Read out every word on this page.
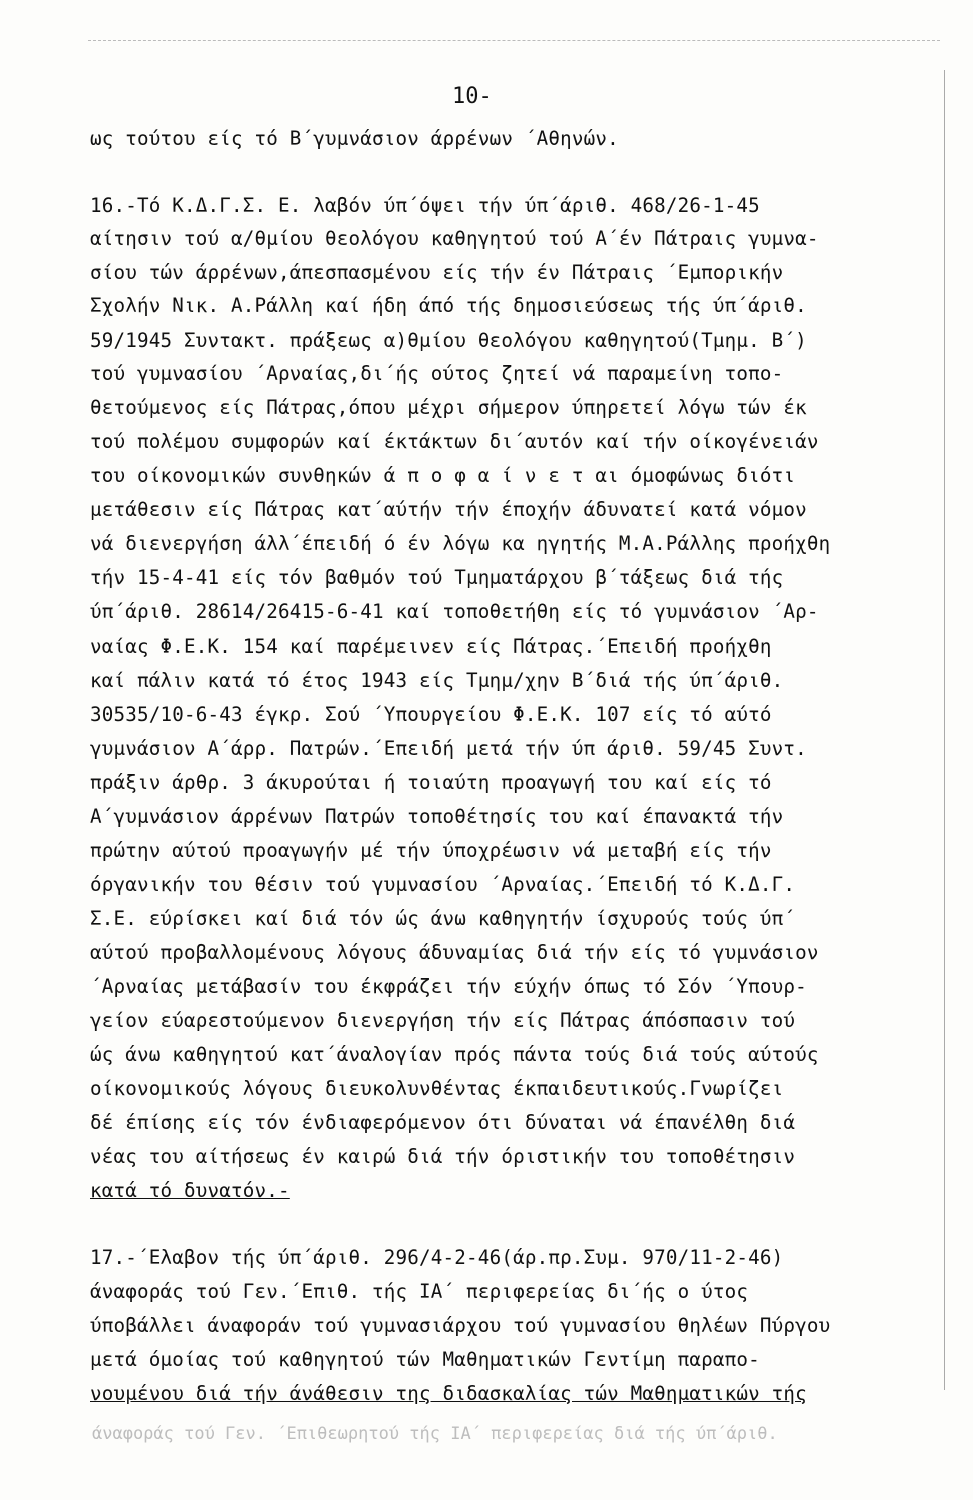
10-
ως τούτου είς τό Β΄γυμνάσιον άρρένων ΄Αθηνών.
16.-Τό Κ.Δ.Γ.Σ. Ε. λαβόν ύπ΄όψει τήν ύπ΄άριθ. 468/26-1-45
αίτησιν τού α/θμίου θεολόγου καθηγητού τού Α΄έν Πάτραις γυμνα-
σίου τών άρρένων,άπεσπασμένου είς τήν έν Πάτραις ΄Εμπορικήν
Σχολήν Νικ. Α.Ράλλη καί ήδη άπό τής δημοσιεύσεως τής ύπ΄άριθ.
59/1945 Συντακτ. πράξεως α)θμίου θεολόγου καθηγητού(Τμημ. Β΄)
τού γυμνασίου ΄Αρναίας,δι΄ής ούτος ζητεί νά παραμείνη τοπο-
θετούμενος είς Πάτρας,όπου μέχρι σήμερον ύπηρετεί λόγω τών έκ
τού πολέμου συμφορών καί έκτάκτων δι΄αυτόν καί τήν οίκογένειάν
του οίκονομικών συνθηκών ά π ο φ α ί ν ε τ αι όμοφώνως διότι
μετάθεσιν είς Πάτρας κατ΄αύτήν τήν έποχήν άδυνατεί κατά νόμον
νά διενεργήση άλλ΄έπειδή ό έν λόγω κα ηγητής Μ.Α.Ράλλης προήχθη
τήν 15-4-41 είς τόν βαθμόν τού Τμηματάρχου β΄τάξεως διά τής
ύπ΄άριθ. 28614/26415-6-41 καί τοποθετήθη είς τό γυμνάσιον ΄Αρ-
ναίας Φ.Ε.Κ. 154 καί παρέμεινεν είς Πάτρας.΄Επειδή προήχθη
καί πάλιν κατά τό έτος 1943 είς Τμημ/χην Β΄διά τής ύπ΄άριθ.
30535/10-6-43 έγκρ. Σού ΄Υπουργείου Φ.Ε.Κ. 107 είς τό αύτό
γυμνάσιον Α΄άρρ. Πατρών.΄Επειδή μετά τήν ύπ άριθ. 59/45 Συντ.
πράξιν άρθρ. 3 άκυρούται ή τοιαύτη προαγωγή του καί είς τό
Α΄γυμνάσιον άρρένων Πατρών τοποθέτησίς του καί έπανακτά τήν
πρώτην αύτού προαγωγήν μέ τήν ύποχρέωσιν νά μεταβή είς τήν
όργανικήν του θέσιν τού γυμνασίου ΄Αρναίας.΄Επειδή τό Κ.Δ.Γ.
Σ.Ε. εύρίσκει καί διά τόν ώς άνω καθηγητήν ίσχυρούς τούς ύπ΄
αύτού προβαλλομένους λόγους άδυναμίας διά τήν είς τό γυμνάσιον
΄Αρναίας μετάβασίν του έκφράζει τήν εύχήν όπως τό Σόν ΄Υπουρ-
γείον εύαρεστούμενον διενεργήση τήν είς Πάτρας άπόσπασιν τού
ώς άνω καθηγητού κατ΄άναλογίαν πρός πάντα τούς διά τούς αύτούς
οίκονομικούς λόγους διευκολυνθέντας έκπαιδευτικούς.Γνωρίζει
δέ έπίσης είς τόν ένδιαφερόμενον ότι δύναται νά έπανέλθη διά
νέας του αίτήσεως έν καιρώ διά τήν όριστικήν του τοποθέτησιν
κατά τό δυνατόν.-
17.-΄Ελαβον τής ύπ΄άριθ. 296/4-2-46(άρ.πρ.Συμ. 970/11-2-46)
άναφοράς τού Γεν.΄Επιθ. τής ΙΑ΄ περιφερείας δι΄ής ο ύτος
ύποβάλλει άναφοράν τού γυμνασιάρχου τού γυμνασίου θηλέων Πύργου
μετά όμοίας τού καθηγητού τών Μαθηματικών Γεντίμη παραπο-
νουμένου διά τήν άνάθεσιν της διδασκαλίας τών Μαθηματικών τής
άναφοράς τού Γεν. ΄Επιθεωρητού τής ΙΑ΄ περιφερείας διά τής ύπ΄άριθ.
